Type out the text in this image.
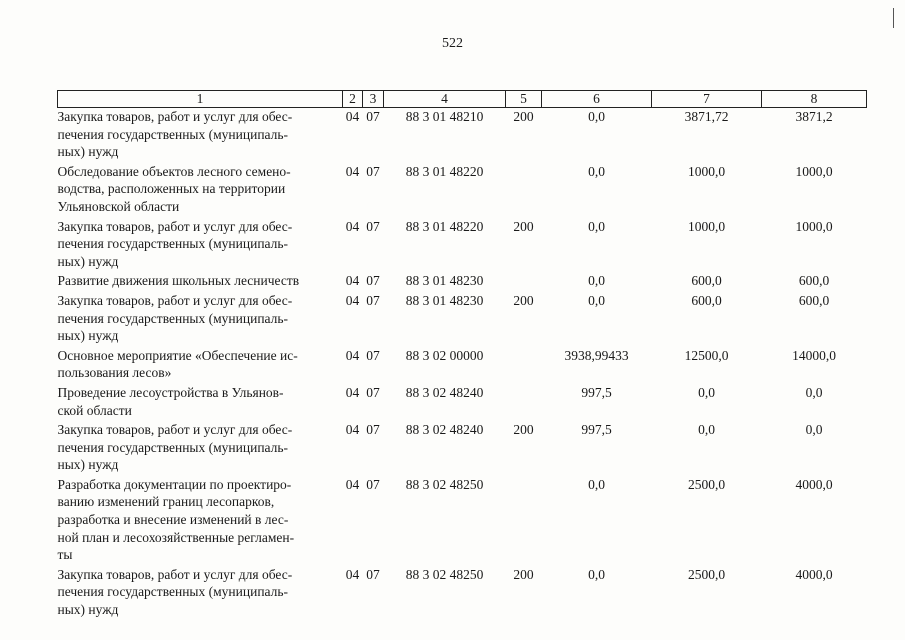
522
1	2	3	4	5	6	7	8

Закупка товаров, работ и услуг для обес-
печения государственных (муниципаль-
ных) нужд	04	07	88 3 01 48210	200	0,0	3871,72	3871,2

Обследование объектов лесного семено-
водства, расположенных на территории
Ульяновской области	04	07	88 3 01 48220		0,0	1000,0	1000,0

Закупка товаров, работ и услуг для обес-
печения государственных (муниципаль-
ных) нужд	04	07	88 3 01 48220	200	0,0	1000,0	1000,0

Развитие движения школьных лесничеств	04	07	88 3 01 48230		0,0	600,0	600,0

Закупка товаров, работ и услуг для обес-
печения государственных (муниципаль-
ных) нужд	04	07	88 3 01 48230	200	0,0	600,0	600,0

Основное мероприятие «Обеспечение ис-
пользования лесов»	04	07	88 3 02 00000		3938,99433	12500,0	14000,0

Проведение лесоустройства в Ульянов-
ской области	04	07	88 3 02 48240		997,5	0,0	0,0

Закупка товаров, работ и услуг для обес-
печения государственных (муниципаль-
ных) нужд	04	07	88 3 02 48240	200	997,5	0,0	0,0

Разработка документации по проектиро-
ванию изменений границ лесопарков,
разработка и внесение изменений в лес-
ной план и лесохозяйственные регламен-
ты	04	07	88 3 02 48250		0,0	2500,0	4000,0

Закупка товаров, работ и услуг для обес-
печения государственных (муниципаль-
ных) нужд	04	07	88 3 02 48250	200	0,0	2500,0	4000,0
